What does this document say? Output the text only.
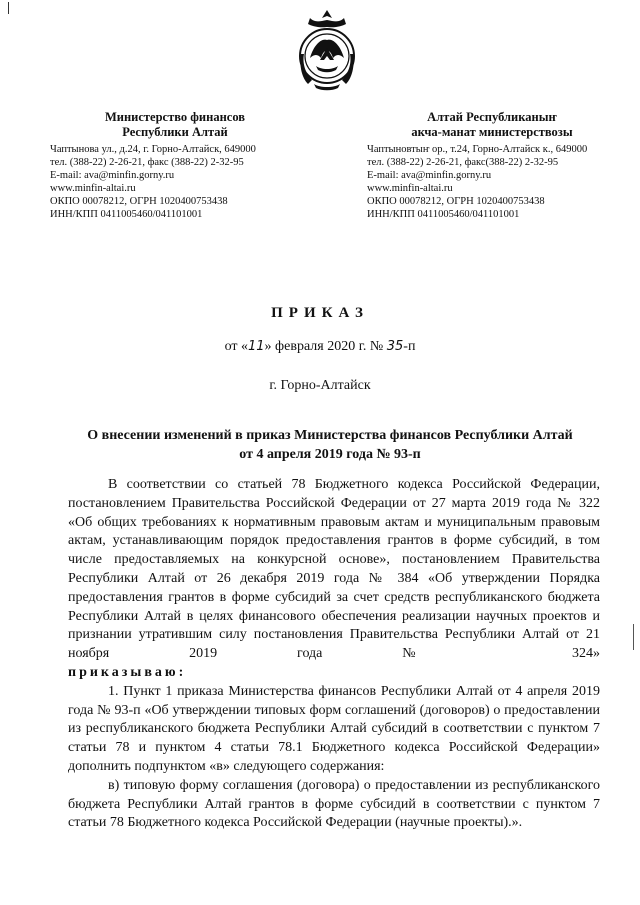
Министерство финансов
Республики Алтай
Чаптынова ул., д.24, г. Горно-Алтайск, 649000
тел. (388-22) 2-26-21, факс (388-22) 2-32-95
E-mail: ava@minfin.gorny.ru
www.minfin-altai.ru
ОКПО 00078212, ОГРН 1020400753438
ИНН/КПП 0411005460/041101001
Алтай Республиканыҥ
акча-манат министерствозы
Чаптыновтыҥ ор., т.24, Горно-Алтайск к., 649000
тел. (388-22) 2-26-21, факс(388-22) 2-32-95
E-mail: ava@minfin.gorny.ru
www.minfin-altai.ru
ОКПО 00078212, ОГРН 1020400753438
ИНН/КПП 0411005460/041101001
ПРИКАЗ
от «11» февраля 2020 г. № 35-п
г. Горно-Алтайск
О внесении изменений в приказ Министерства финансов Республики Алтай
от 4 апреля 2019 года № 93-п

В соответствии со статьей 78 Бюджетного кодекса Российской Федерации, постановлением Правительства Российской Федерации от 27 марта 2019 года № 322 «Об общих требованиях к нормативным правовым актам и муниципальным правовым актам, устанавливающим порядок предоставления грантов в форме субсидий, в том числе предоставляемых на конкурсной основе», постановлением Правительства Республики Алтай от 26 декабря 2019 года № 384 «Об утверждении Порядка предоставления грантов в форме субсидий за счет средств республиканского бюджета Республики Алтай в целях финансового обеспечения реализации научных проектов и признании утратившим силу постановления Правительства Республики Алтай от 21 ноября 2019 года № 324»

приказываю:

1. Пункт 1 приказа Министерства финансов Республики Алтай от 4 апреля 2019 года № 93-п «Об утверждении типовых форм соглашений (договоров) о предоставлении из республиканского бюджета Республики Алтай субсидий в соответствии с пунктом 7 статьи 78 и пунктом 4 статьи 78.1 Бюджетного кодекса Российской Федерации» дополнить подпунктом «в» следующего содержания:

в) типовую форму соглашения (договора) о предоставлении из республиканского бюджета Республики Алтай грантов в форме субсидий в соответствии с пунктом 7 статьи 78 Бюджетного кодекса Российской Федерации (научные проекты).».
